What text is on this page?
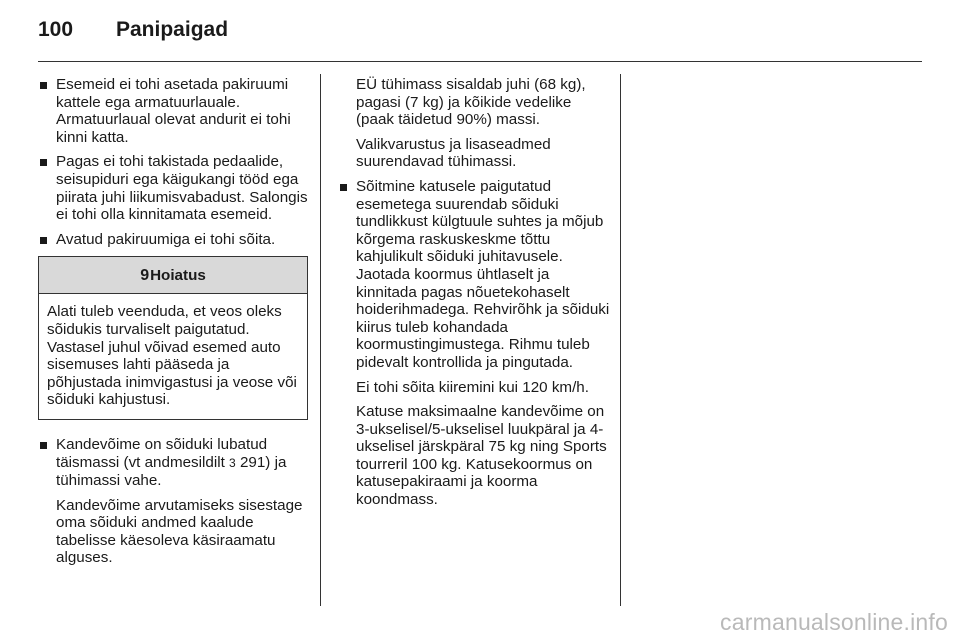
100	Panipaigad
Esemeid ei tohi asetada pakiruumi kattele ega armatuurlauale. Armatuurlaual olevat andurit ei tohi kinni katta.
Pagas ei tohi takistada pedaalide, seisupiduri ega käigukangi tööd ega piirata juhi liikumisvabadust. Salongis ei tohi olla kinnitamata esemeid.
Avatud pakiruumiga ei tohi sõita.
9 Hoiatus
Alati tuleb veenduda, et veos oleks sõidukis turvaliselt paigutatud. Vastasel juhul võivad esemed auto sisemuses lahti pääseda ja põhjustada inimvigastusi ja veose või sõiduki kahjustusi.
Kandevõime on sõiduki lubatud täismassi (vt andmesildilt 3 291) ja tühimassi vahe.
Kandevõime arvutamiseks sisestage oma sõiduki andmed kaalude tabelisse käesoleva käsiraamatu alguses.
EÜ tühimass sisaldab juhi (68 kg), pagasi (7 kg) ja kõikide vedelike (paak täidetud 90%) massi.
Valikvarustus ja lisaseadmed suurendavad tühimassi.
Sõitmine katusele paigutatud esemetega suurendab sõiduki tundlikkust külgtuule suhtes ja mõjub kõrgema raskuskeskme tõttu kahjulikult sõiduki juhitavusele. Jaotada koormus ühtlaselt ja kinnitada pagas nõuetekohaselt hoiderihmadega. Rehvirõhk ja sõiduki kiirus tuleb kohandada koormustingimustega. Rihmu tuleb pidevalt kontrollida ja pingutada.
Ei tohi sõita kiiremini kui 120 km/h.
Katuse maksimaalne kandevõime on 3-ukselisel/5-ukselisel luukpäral ja 4-ukselisel järskpäral 75 kg ning Sports tourreril 100 kg. Katusekoormus on katusepakiraami ja koorma koondmass.
carmanualsonline.info
